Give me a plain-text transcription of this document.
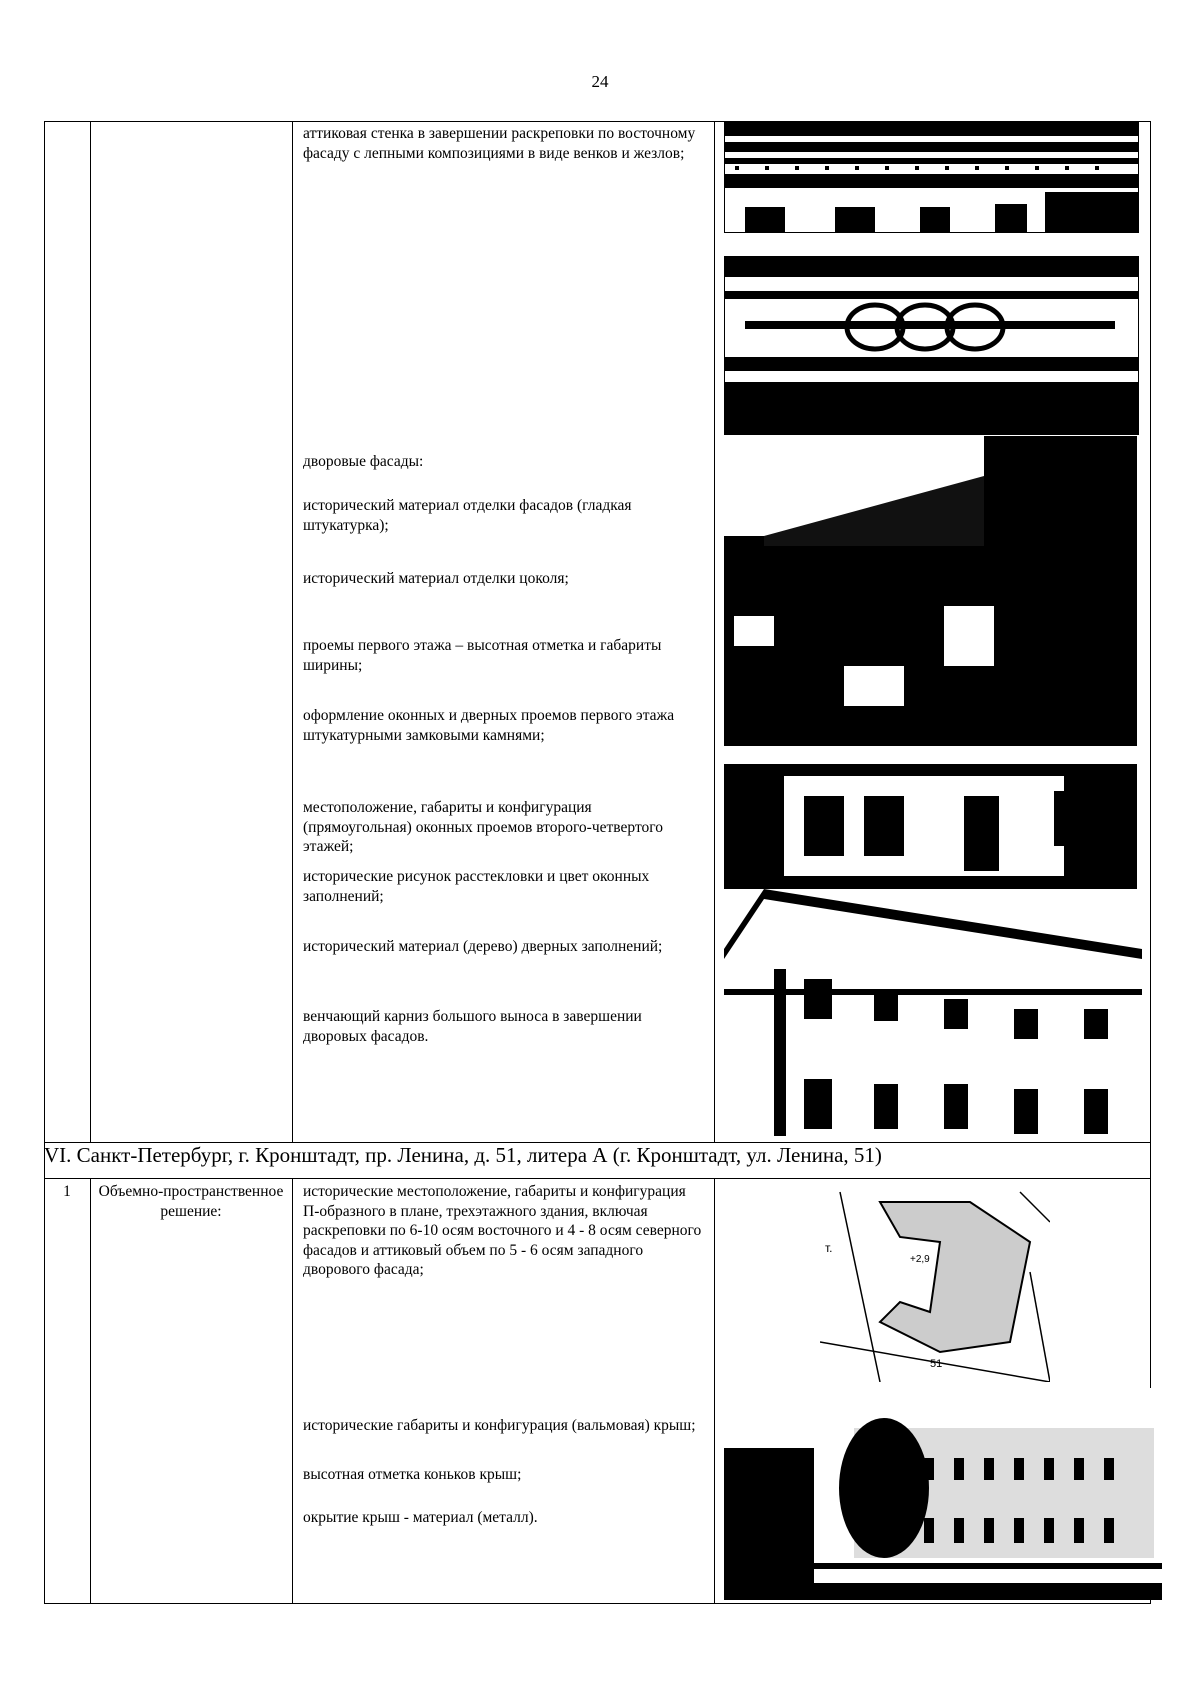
24
аттиковая стенка в завершении раскреповки по восточному фасаду с лепными композициями в виде венков и жезлов;
дворовые фасады:
исторический материал отделки фасадов (гладкая штукатурка);
исторический материал отделки цоколя;
проемы первого этажа – высотная отметка и габариты ширины;
оформление оконных и дверных проемов первого этажа штукатурными замковыми камнями;
местоположение, габариты и конфигурация (прямоугольная) оконных проемов второго-четвертого этажей;
исторические рисунок расстекловки и цвет оконных заполнений;
исторический материал (дерево) дверных заполнений;
венчающий карниз большого выноса в завершении дворовых фасадов.
VI. Санкт-Петербург, г. Кронштадт, пр. Ленина, д. 51, литера А (г. Кронштадт, ул. Ленина, 51)
1	Объемно-пространственное решение:
исторические местоположение, габариты и конфигурация П-образного в плане, трехэтажного здания, включая раскреповки по 6-10 осям восточного и 4 - 8 осям северного фасадов и аттиковый объем по 5 - 6 осям западного дворового фасада;
исторические габариты и конфигурация (вальмовая) крыш;
высотная отметка коньков крыш;
окрытие крыш - материал (металл).
т.
+2,9
51
